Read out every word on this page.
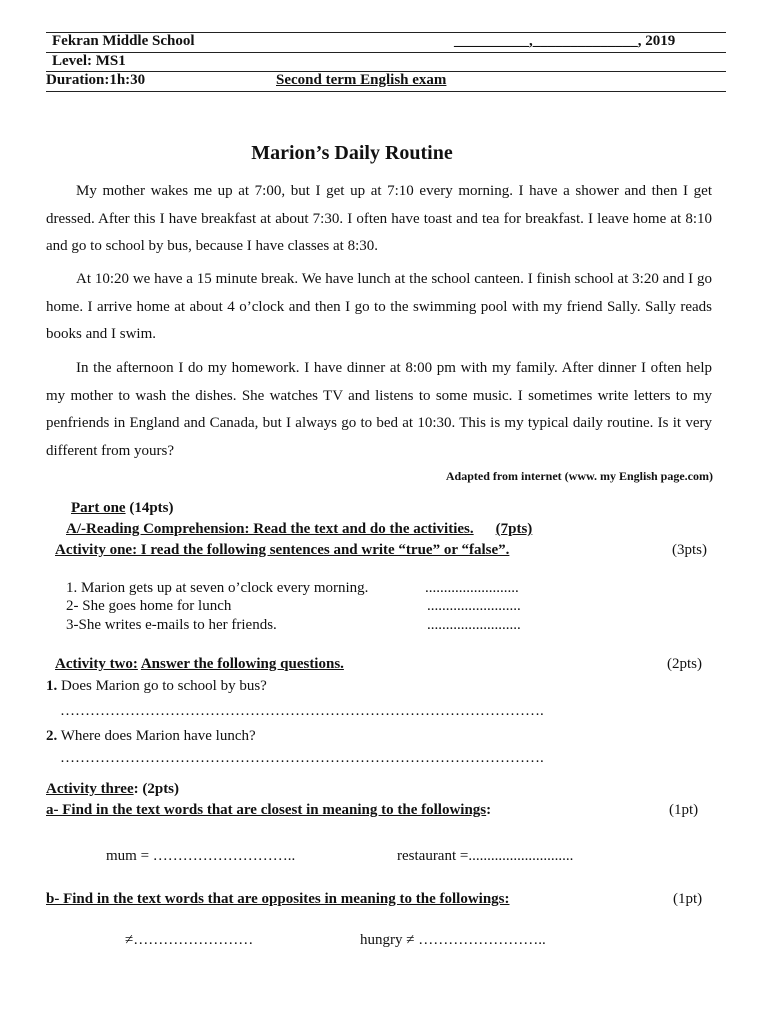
Fekran Middle School	__________,______________, 2019
Level: MS1
Duration:1h:30	Second term English exam
Marion’s Daily Routine

My mother wakes me up at 7:00, but I get up at 7:10 every morning. I have a shower and then I get dressed. After this I have breakfast at about 7:30. I often have toast and tea for breakfast. I leave home at 8:10 and go to school by bus, because I have classes at 8:30.

At 10:20 we have a 15 minute break. We have lunch at the school canteen. I finish school at 3:20 and I go home. I arrive home at about 4 o’clock and then I go to the swimming pool with my friend Sally. Sally reads books and I swim.

In the afternoon I do my homework. I have dinner at 8:00 pm with my family. After dinner I often help my mother to wash the dishes. She watches TV and listens to some music. I sometimes write letters to my penfriends in England and Canada, but I always go to bed at 10:30. This is my typical daily routine. Is it very different from yours?

Adapted from internet (www. my English page.com)
Part one (14pts)
A/-Reading Comprehension: Read the text and do the activities. (7pts)
Activity one: I read the following sentences and write “true” or “false”.	(3pts)
1. Marion gets up at seven o’clock every morning.	.........................
2- She goes home for lunch	.........................
3-She writes e-mails to her friends.	.........................
Activity two: Answer the following questions.	(2pts)
1. Does Marion go to school by bus?
…………………………………………………………………………………….
2. Where does Marion have lunch?
…………………………………………………………………………………….
Activity three: (2pts)
a- Find in the text words that are closest in meaning to the followings:	(1pt)
mum = ………………………..	restaurant =............................
b- Find in the text words that are opposites in meaning to the followings:	(1pt)
≠……………………	hungry ≠ ……………………..
